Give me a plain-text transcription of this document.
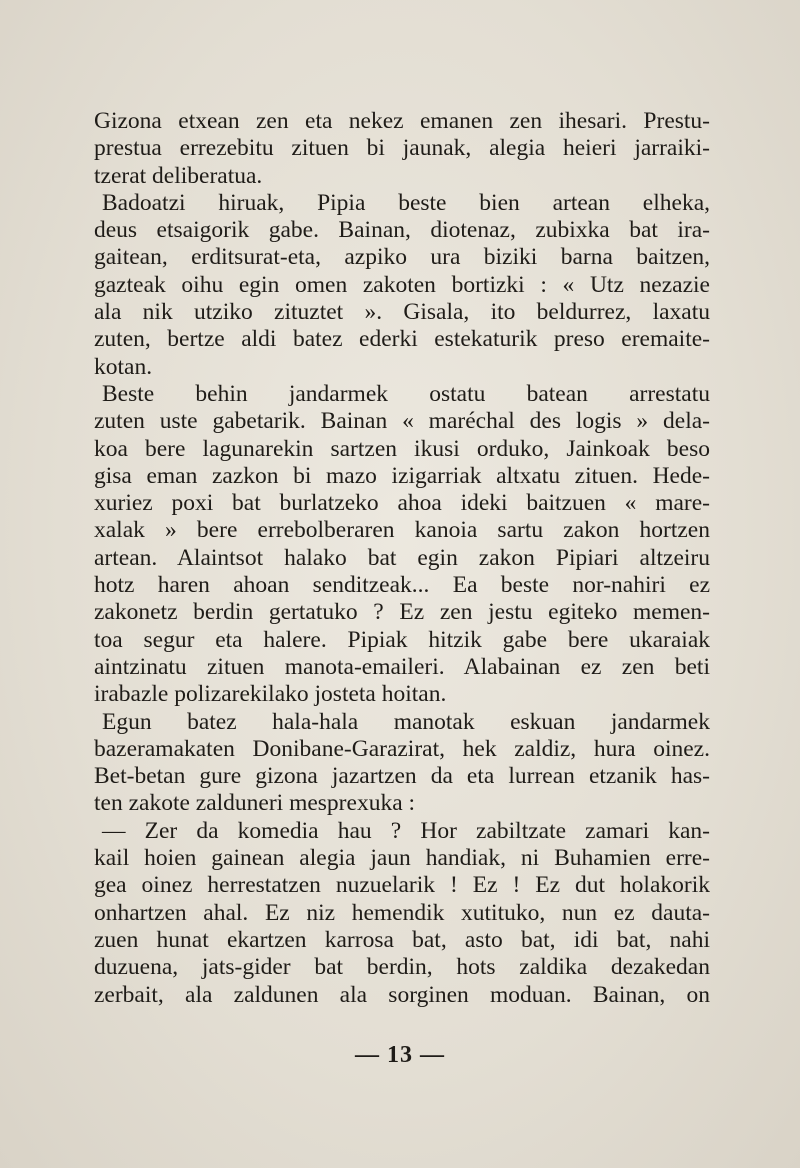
Gizona etxean zen eta nekez emanen zen ihesari. Prestu-
prestua errezebitu zituen bi jaunak, alegia heieri jarraiki-
tzerat deliberatua.
Badoatzi hiruak, Pipia beste bien artean elheka,
deus etsaigorik gabe. Bainan, diotenaz, zubixka bat ira-
gaitean, erditsurat-eta, azpiko ura biziki barna baitzen,
gazteak oihu egin omen zakoten bortizki : « Utz nezazie
ala nik utziko zituztet ». Gisala, ito beldurrez, laxatu
zuten, bertze aldi batez ederki estekaturik preso eremaite-
kotan.
Beste behin jandarmek ostatu batean arrestatu
zuten uste gabetarik. Bainan « maréchal des logis » dela-
koa bere lagunarekin sartzen ikusi orduko, Jainkoak beso
gisa eman zazkon bi mazo izigarriak altxatu zituen. Hede-
xuriez poxi bat burlatzeko ahoa ideki baitzuen « mare-
xalak » bere errebolberaren kanoia sartu zakon hortzen
artean. Alaintsot halako bat egin zakon Pipiari altzeiru
hotz haren ahoan senditzeak... Ea beste nor-nahiri ez
zakonetz berdin gertatuko ? Ez zen jestu egiteko memen-
toa segur eta halere. Pipiak hitzik gabe bere ukaraiak
aintzinatu zituen manota-emaileri. Alabainan ez zen beti
irabazle polizarekilako josteta hoitan.
Egun batez hala-hala manotak eskuan jandarmek
bazeramakaten Donibane-Garazirat, hek zaldiz, hura oinez.
Bet-betan gure gizona jazartzen da eta lurrean etzanik has-
ten zakote zalduneri mesprexuka :
— Zer da komedia hau ? Hor zabiltzate zamari kan-
kail hoien gainean alegia jaun handiak, ni Buhamien erre-
gea oinez herrestatzen nuzuelarik ! Ez ! Ez dut holakorik
onhartzen ahal. Ez niz hemendik xutituko, nun ez dauta-
zuen hunat ekartzen karrosa bat, asto bat, idi bat, nahi
duzuena, jats-gider bat berdin, hots zaldika dezakedan
zerbait, ala zaldunen ala sorginen moduan. Bainan, on
— 13 —
